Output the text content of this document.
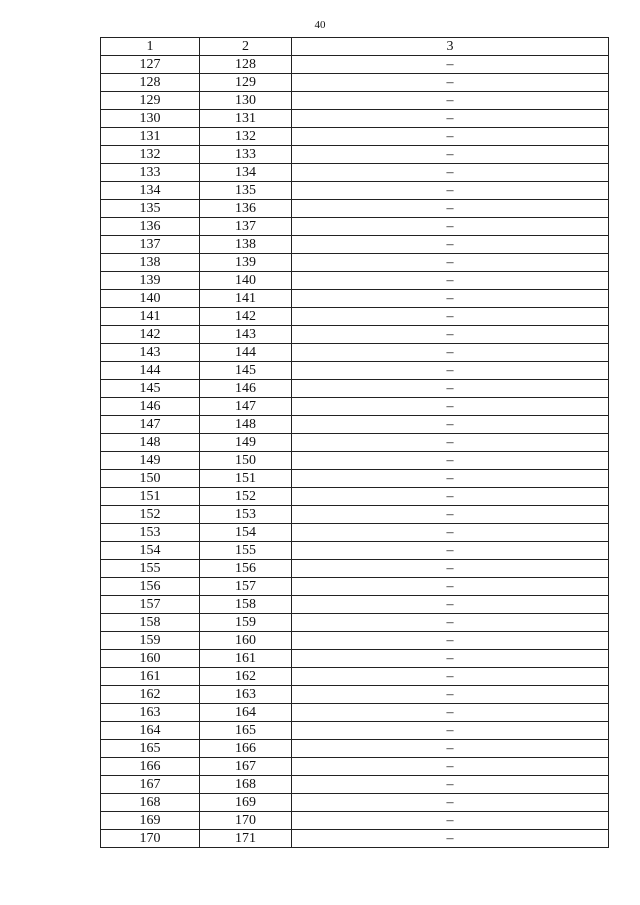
40
1	2	3
127	128	–
128	129	–
129	130	–
130	131	–
131	132	–
132	133	–
133	134	–
134	135	–
135	136	–
136	137	–
137	138	–
138	139	–
139	140	–
140	141	–
141	142	–
142	143	–
143	144	–
144	145	–
145	146	–
146	147	–
147	148	–
148	149	–
149	150	–
150	151	–
151	152	–
152	153	–
153	154	–
154	155	–
155	156	–
156	157	–
157	158	–
158	159	–
159	160	–
160	161	–
161	162	–
162	163	–
163	164	–
164	165	–
165	166	–
166	167	–
167	168	–
168	169	–
169	170	–
170	171	–
